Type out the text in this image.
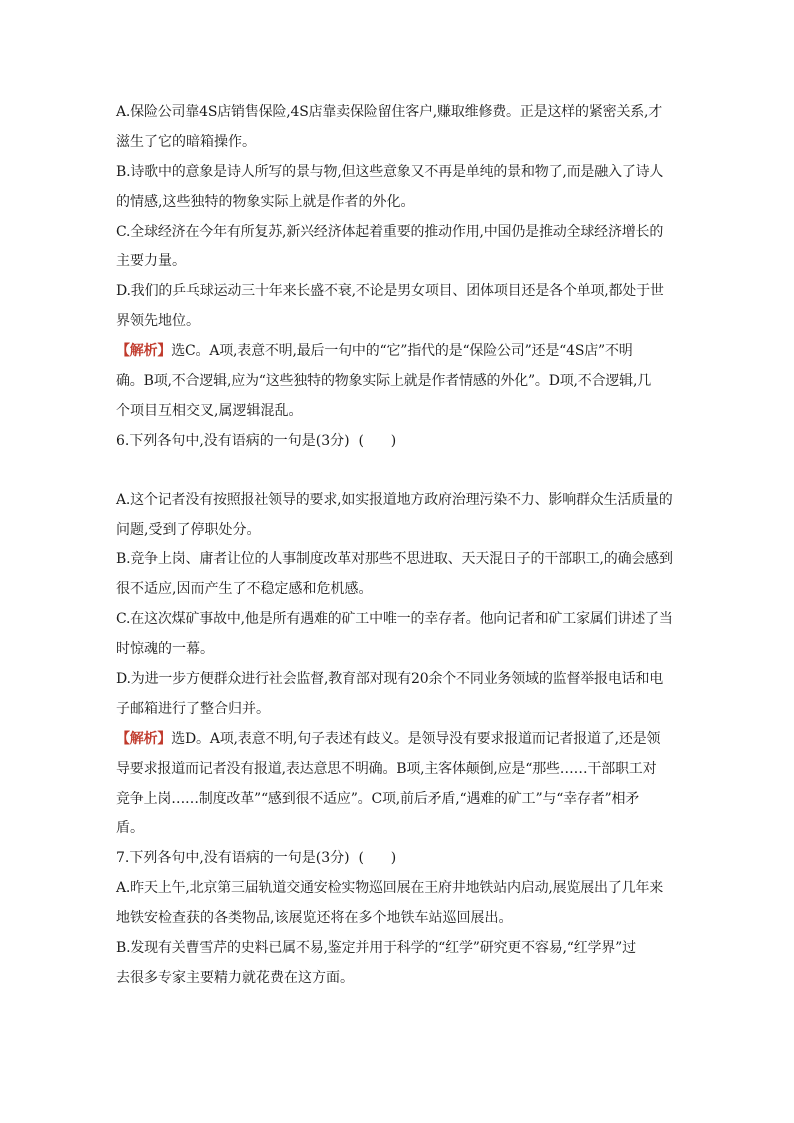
A.保险公司靠4S店销售保险,4S店靠卖保险留住客户,赚取维修费。正是这样的紧密关系,才
滋生了它的暗箱操作。
B.诗歌中的意象是诗人所写的景与物,但这些意象又不再是单纯的景和物了,而是融入了诗人
的情感,这些独特的物象实际上就是作者的外化。
C.全球经济在今年有所复苏,新兴经济体起着重要的推动作用,中国仍是推动全球经济增长的
主要力量。
D.我们的乒乓球运动三十年来长盛不衰,不论是男女项目、团体项目还是各个单项,都处于世
界领先地位。
【解析】选C。A项,表意不明,最后一句中的“它”指代的是“保险公司”还是“4S店”不明
确。B项,不合逻辑,应为“这些独特的物象实际上就是作者情感的外化”。D项,不合逻辑,几
个项目互相交叉,属逻辑混乱。
6.下列各句中,没有语病的一句是(3分)  (      )
A.这个记者没有按照报社领导的要求,如实报道地方政府治理污染不力、影响群众生活质量的
问题,受到了停职处分。
B.竞争上岗、庸者让位的人事制度改革对那些不思进取、天天混日子的干部职工,的确会感到
很不适应,因而产生了不稳定感和危机感。
C.在这次煤矿事故中,他是所有遇难的矿工中唯一的幸存者。他向记者和矿工家属们讲述了当
时惊魂的一幕。
D.为进一步方便群众进行社会监督,教育部对现有20余个不同业务领域的监督举报电话和电
子邮箱进行了整合归并。
【解析】选D。A项,表意不明,句子表述有歧义。是领导没有要求报道而记者报道了,还是领
导要求报道而记者没有报道,表达意思不明确。B项,主客体颠倒,应是“那些……干部职工对
竞争上岗……制度改革”“感到很不适应”。C项,前后矛盾,“遇难的矿工”与“幸存者”相矛
盾。
7.下列各句中,没有语病的一句是(3分)  (      )
A.昨天上午,北京第三届轨道交通安检实物巡回展在王府井地铁站内启动,展览展出了几年来
地铁安检查获的各类物品,该展览还将在多个地铁车站巡回展出。
B.发现有关曹雪芹的史料已属不易,鉴定并用于科学的“红学”研究更不容易,“红学界”过
去很多专家主要精力就花费在这方面。
